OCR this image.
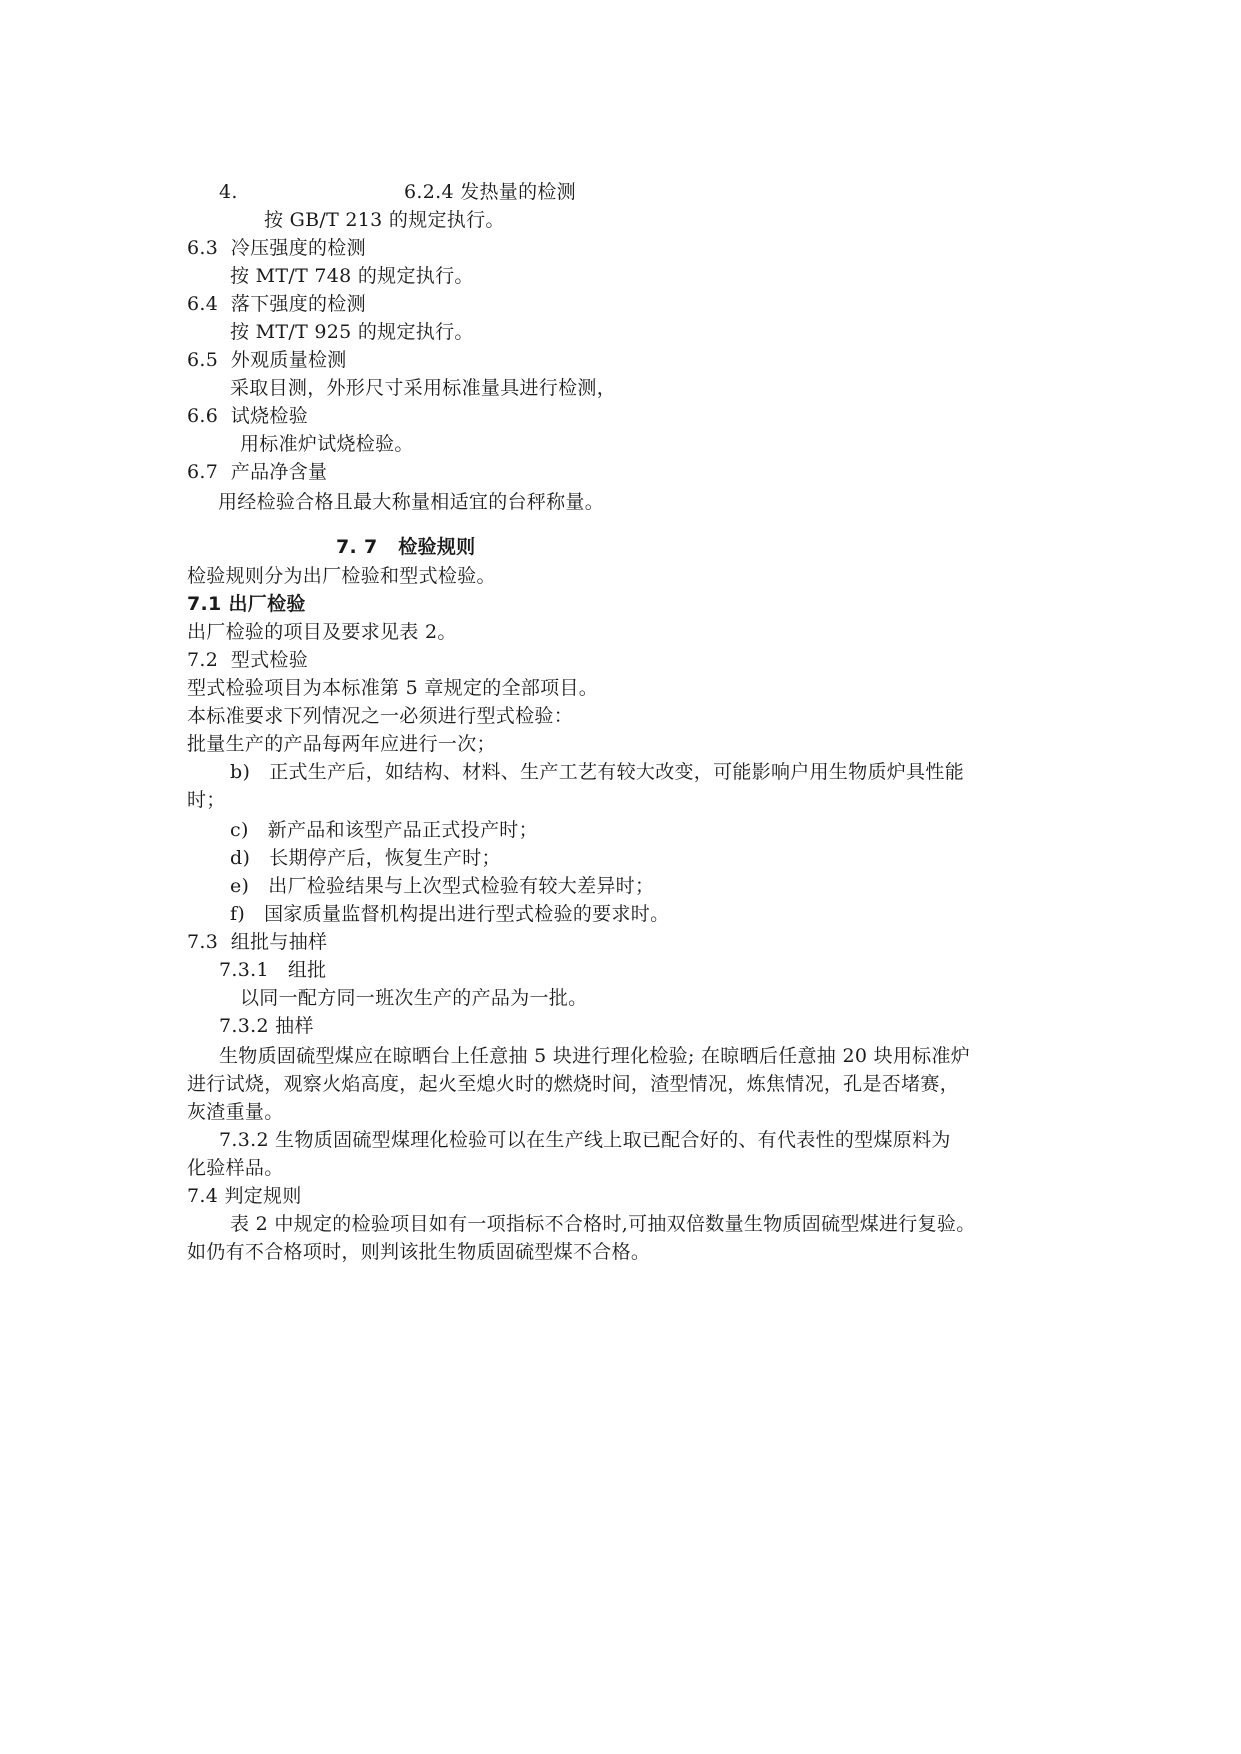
4.	6.2.4 发热量的检测
按 GB/T 213 的规定执行。
6.3  冷压强度的检测
按 MT/T 748 的规定执行。
6.4  落下强度的检测
按 MT/T 925 的规定执行。
6.5  外观质量检测
采取目测，外形尺寸采用标准量具进行检测，
6.6  试烧检验
用标准炉试烧检验。
6.7  产品净含量
用经检验合格且最大称量相适宜的台秤称量。
7. 7   检验规则
检验规则分为出厂检验和型式检验。
7.1 出厂检验
出厂检验的项目及要求见表 2。
7.2  型式检验
型式检验项目为本标准第 5 章规定的全部项目。
本标准要求下列情况之一必须进行型式检验：
批量生产的产品每两年应进行一次；
b)   正式生产后，如结构、材料、生产工艺有较大改变，可能影响户用生物质炉具性能
时；
c)   新产品和该型产品正式投产时；
d)   长期停产后，恢复生产时；
e)   出厂检验结果与上次型式检验有较大差异时；
f)   国家质量监督机构提出进行型式检验的要求时。
7.3  组批与抽样
7.3.1   组批
以同一配方同一班次生产的产品为一批。
7.3.2 抽样
生物质固硫型煤应在晾晒台上任意抽 5 块进行理化检验; 在晾晒后任意抽 20 块用标准炉
进行试烧，观察火焰高度，起火至熄火时的燃烧时间，渣型情况，炼焦情况，孔是否堵赛，
灰渣重量。
7.3.2 生物质固硫型煤理化检验可以在生产线上取已配合好的、有代表性的型煤原料为
化验样品。
7.4 判定规则
表 2 中规定的检验项目如有一项指标不合格时,可抽双倍数量生物质固硫型煤进行复验。
如仍有不合格项时，则判该批生物质固硫型煤不合格。
